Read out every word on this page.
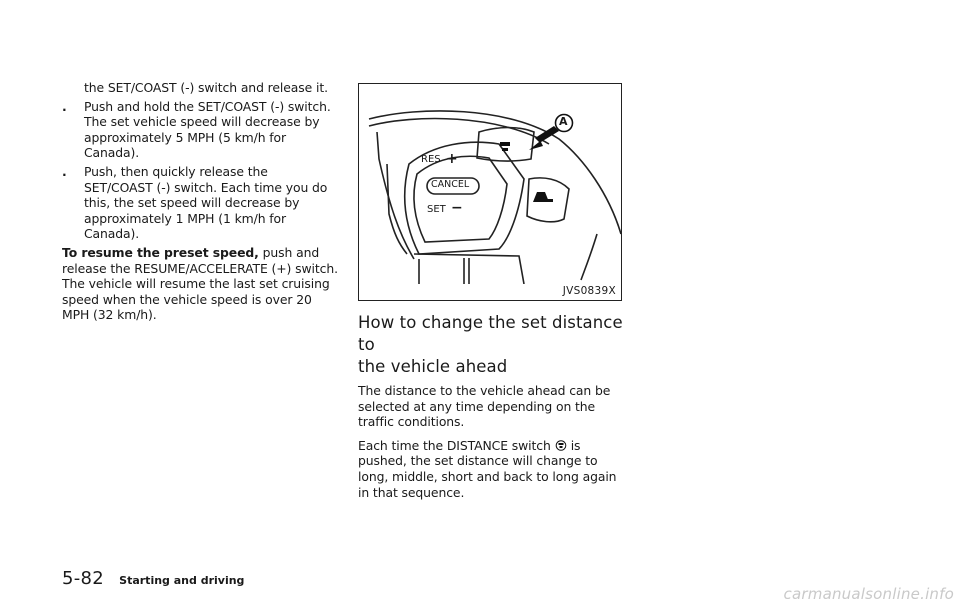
the SET/COAST (-) switch and release it.

. Push and hold the SET/COAST (-) switch. The set vehicle speed will decrease by approximately 5 MPH (5 km/h for Canada).
. Push, then quickly release the SET/COAST (-) switch. Each time you do this, the set speed will decrease by approximately 1 MPH (1 km/h for Canada).

To resume the preset speed, push and release the RESUME/ACCELERATE (+) switch. The vehicle will resume the last set cruising speed when the vehicle speed is over 20 MPH (32 km/h).

RES +
CANCEL
SET −
A
JVS0839X
How to change the set distance to
the vehicle ahead

The distance to the vehicle ahead can be selected at any time depending on the traffic conditions.

Each time the DISTANCE switch is pushed, the set distance will change to long, middle, short and back to long again in that sequence.

5-82 Starting and driving
carmanualsonline.info
